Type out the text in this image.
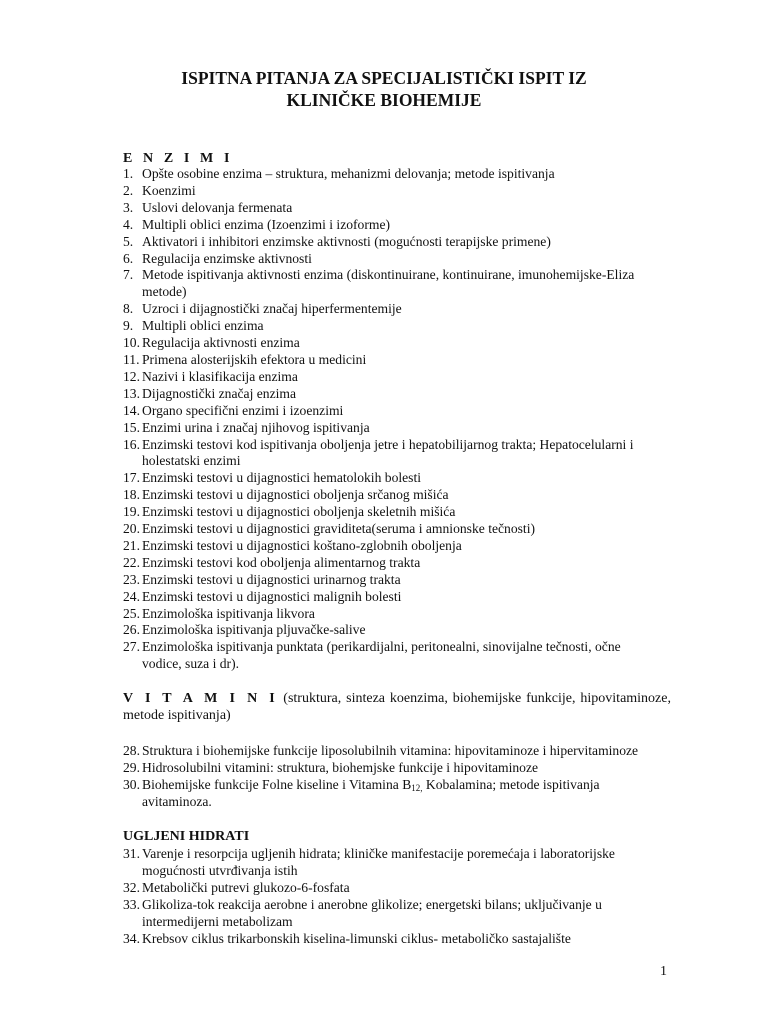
ISPITNA PITANJA ZA SPECIJALISTIČKI ISPIT IZ
KLINIČKE BIOHEMIJE
E N Z I M I
1. Opšte osobine enzima – struktura, mehanizmi delovanja; metode ispitivanja
2. Koenzimi
3. Uslovi delovanja fermenata
4. Multipli oblici enzima (Izoenzimi i izoforme)
5. Aktivatori i inhibitori enzimske aktivnosti (mogućnosti terapijske primene)
6. Regulacija enzimske aktivnosti
7. Metode ispitivanja aktivnosti enzima (diskontinuirane, kontinuirane, imunohemijske-Eliza metode)
8. Uzroci i dijagnostički značaj hiperfermentemije
9. Multipli oblici enzima
10. Regulacija aktivnosti enzima
11. Primena alosterijskih efektora u medicini
12. Nazivi i klasifikacija enzima
13. Dijagnostički značaj enzima
14. Organo specifični enzimi i izoenzimi
15. Enzimi urina i značaj njihovog ispitivanja
16. Enzimski testovi kod ispitivanja oboljenja jetre i hepatobilijarnog trakta; Hepatocelularni i holestatski enzimi
17. Enzimski testovi u dijagnostici hematolokih bolesti
18. Enzimski testovi u dijagnostici oboljenja srčanog mišića
19. Enzimski testovi u dijagnostici oboljenja skeletnih mišića
20. Enzimski testovi u dijagnostici graviditeta(seruma i amnionske tečnosti)
21. Enzimski testovi u dijagnostici koštano-zglobnih oboljenja
22. Enzimski testovi kod oboljenja alimentarnog trakta
23. Enzimski testovi u dijagnostici urinarnog trakta
24. Enzimski testovi u dijagnostici malignih bolesti
25. Enzimološka ispitivanja likvora
26. Enzimološka ispitivanja pljuvačke-salive
27. Enzimološka ispitivanja punktata (perikardijalni, peritonealni, sinovijalne tečnosti, očne vodice, suza i dr).
V I T A M I N I (struktura, sinteza koenzima, biohemijske funkcije, hipovitaminoze, metode ispitivanja)
28. Struktura i biohemijske funkcije liposolubilnih vitamina: hipovitaminoze i hipervitaminoze
29. Hidrosolubilni vitamini: struktura, biohemjske funkcije i hipovitaminoze
30. Biohemijske funkcije Folne kiseline i Vitamina $B_{12,}$ Kobalamina; metode ispitivanja avitaminoza.
UGLJENI HIDRATI
31. Varenje i resorpcija ugljenih hidrata; kliničke manifestacije poremećaja i laboratorijske mogućnosti utvrđivanja istih
32. Metabolički putrevi glukozo-6-fosfata
33. Glikoliza-tok reakcija aerobne i anerobne glikolize; energetski bilans; uključivanje u intermedijerni metabolizam
34. Krebsov ciklus trikarbonskih kiselina-limunski ciklus- metaboličko sastajalište
1
